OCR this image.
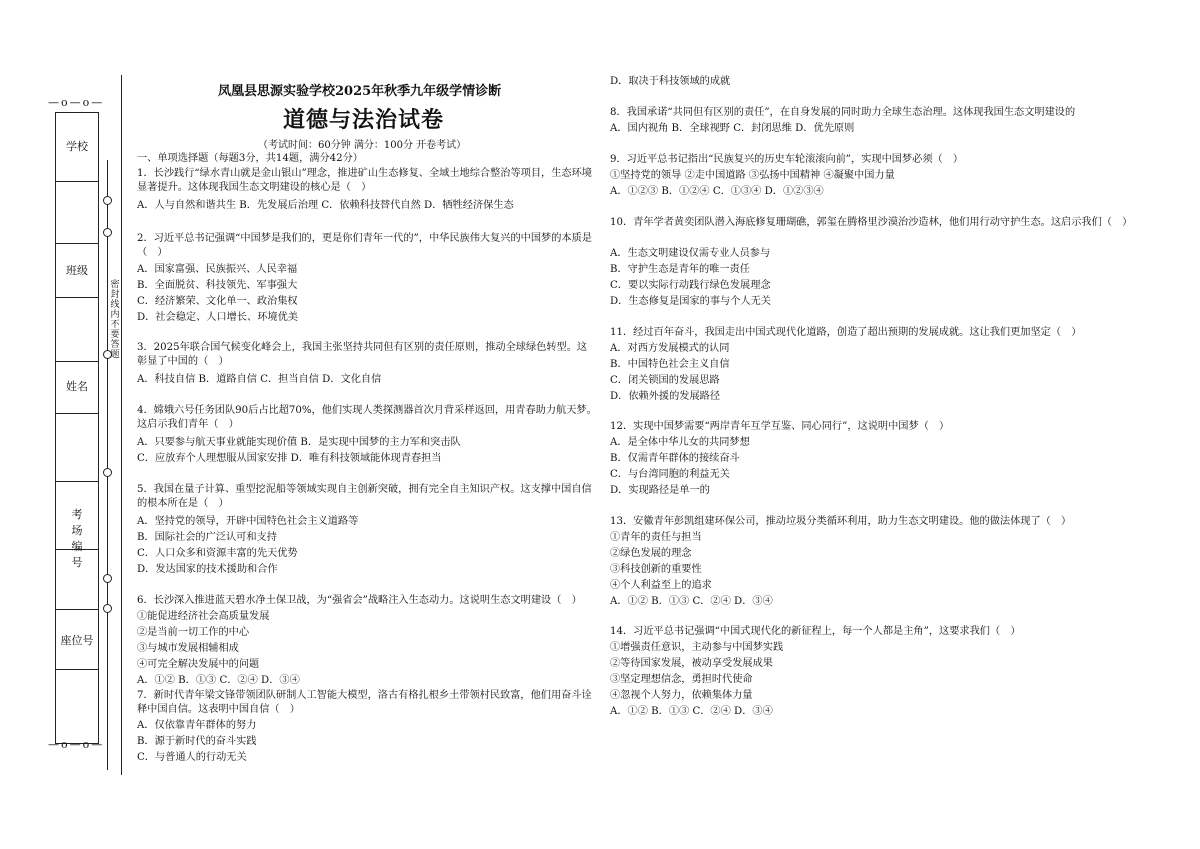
—o—o—
学校
班级
姓名
考场编号
座位号
—o—o—
密封线内不要答题
凤凰县思源实验学校2025年秋季九年级学情诊断
道德与法治试卷
（考试时间：60分钟 满分：100分 开卷考试）
一、单项选择题（每题3分，共14题，满分42分）
1．长沙践行“绿水青山就是金山银山”理念，推进矿山生态修复、全域土地综合整治等项目，生态环境显著提升。这体现我国生态文明建设的核心是（　）
A．人与自然和谐共生 B．先发展后治理 C．依赖科技替代自然 D．牺牲经济保生态
2．习近平总书记强调“中国梦是我们的，更是你们青年一代的”，中华民族伟大复兴的中国梦的本质是（　）
A．国家富强、民族振兴、人民幸福
B．全面脱贫、科技领先、军事强大
C．经济繁荣、文化单一、政治集权
D．社会稳定、人口增长、环境优美
3．2025年联合国气候变化峰会上，我国主张坚持共同但有区别的责任原则，推动全球绿色转型。这彰显了中国的（　）
A．科技自信 B．道路自信 C．担当自信 D．文化自信
4．嫦娥六号任务团队90后占比超70%，他们实现人类探测器首次月背采样返回，用青春助力航天梦。这启示我们青年（　）
A．只要参与航天事业就能实现价值 B．是实现中国梦的主力军和突击队
C．应放弃个人理想服从国家安排 D．唯有科技领域能体现青春担当
5．我国在量子计算、重型挖泥船等领域实现自主创新突破，拥有完全自主知识产权。这支撑中国自信的根本所在是（　）
A．坚持党的领导，开辟中国特色社会主义道路等
B．国际社会的广泛认可和支持
C．人口众多和资源丰富的先天优势
D．发达国家的技术援助和合作
6．长沙深入推进蓝天碧水净土保卫战，为“强省会”战略注入生态动力。这说明生态文明建设（　）
①能促进经济社会高质量发展
②是当前一切工作的中心
③与城市发展相辅相成
④可完全解决发展中的问题
A．①② B．①③ C．②④ D．③④
7．新时代青年梁文锋带领团队研制人工智能大模型，洛古有格扎根乡土带领村民致富，他们用奋斗诠释中国自信。这表明中国自信（　）
A．仅依靠青年群体的努力
B．源于新时代的奋斗实践
C．与普通人的行动无关
D．取决于科技领域的成就
8．我国承诺“共同但有区别的责任”，在自身发展的同时助力全球生态治理。这体现我国生态文明建设的
A．国内视角 B．全球视野 C．封闭思维 D．优先原则
9．习近平总书记指出“民族复兴的历史车轮滚滚向前”，实现中国梦必须（　）
①坚持党的领导 ②走中国道路 ③弘扬中国精神 ④凝聚中国力量
A．①②③ B．①②④ C．①③④ D．①②③④
10．青年学者黄奕团队潜入海底修复珊瑚礁，郭玺在腾格里沙漠治沙造林，他们用行动守护生态。这启示我们（　）
A．生态文明建设仅需专业人员参与
B．守护生态是青年的唯一责任
C．要以实际行动践行绿色发展理念
D．生态修复是国家的事与个人无关
11．经过百年奋斗，我国走出中国式现代化道路，创造了超出预期的发展成就。这让我们更加坚定（　）
A．对西方发展模式的认同
B．中国特色社会主义自信
C．闭关锁国的发展思路
D．依赖外援的发展路径
12．实现中国梦需要“两岸青年互学互鉴、同心同行”，这说明中国梦（　）
A．是全体中华儿女的共同梦想
B．仅需青年群体的接续奋斗
C．与台湾同胞的利益无关
D．实现路径是单一的
13．安徽青年彭凯组建环保公司，推动垃圾分类循环利用，助力生态文明建设。他的做法体现了（　）
①青年的责任与担当
②绿色发展的理念
③科技创新的重要性
④个人利益至上的追求
A．①② B．①③ C．②④ D．③④
14．习近平总书记强调“中国式现代化的新征程上，每一个人都是主角”，这要求我们（　）
①增强责任意识，主动参与中国梦实践
②等待国家发展，被动享受发展成果
③坚定理想信念，勇担时代使命
④忽视个人努力，依赖集体力量
A．①② B．①③ C．②④ D．③④
